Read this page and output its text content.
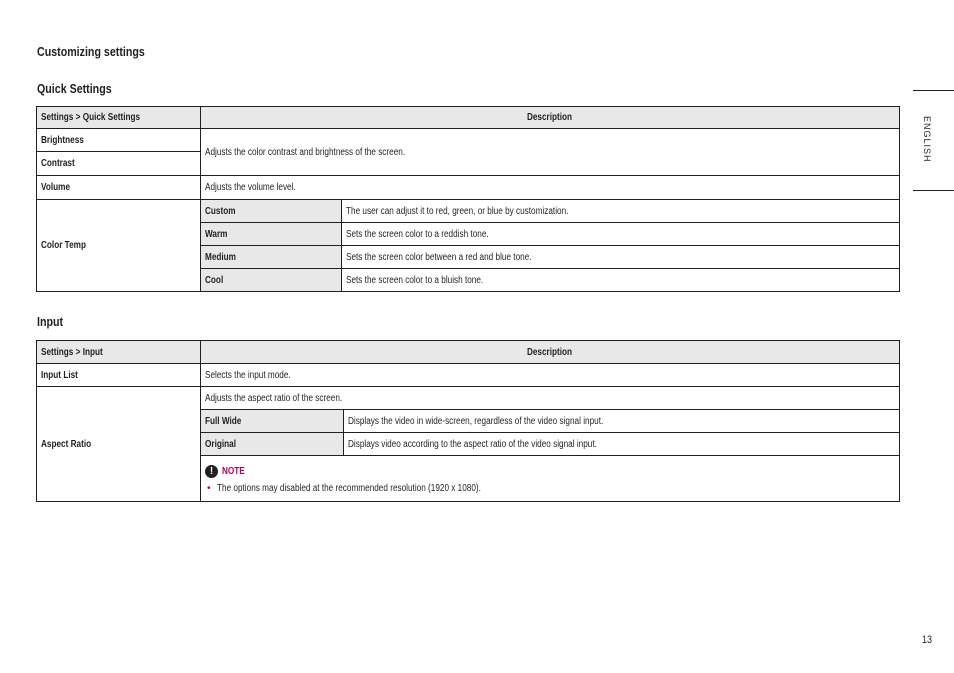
Customizing settings
Quick Settings
Settings > Quick Settings	Description	
Brightness	Adjusts the color contrast and brightness of the screen.	
Contrast		
Volume	Adjusts the volume level.	
Color Temp	Custom	The user can adjust it to red, green, or blue by customization.
	Warm	Sets the screen color to a reddish tone.
	Medium	Sets the screen color between a red and blue tone.
	Cool	Sets the screen color to a bluish tone.
Input
Settings > Input	Description	
Input List	Selects the input mode.	
Aspect Ratio	Adjusts the aspect ratio of the screen.	
	Full Wide	Displays the video in wide-screen, regardless of the video signal input.
	Original	Displays video according to the aspect ratio of the video signal input.

! NOTE
• The options may disabled at the recommended resolution (1920 x 1080).	
ENGLISH
13
